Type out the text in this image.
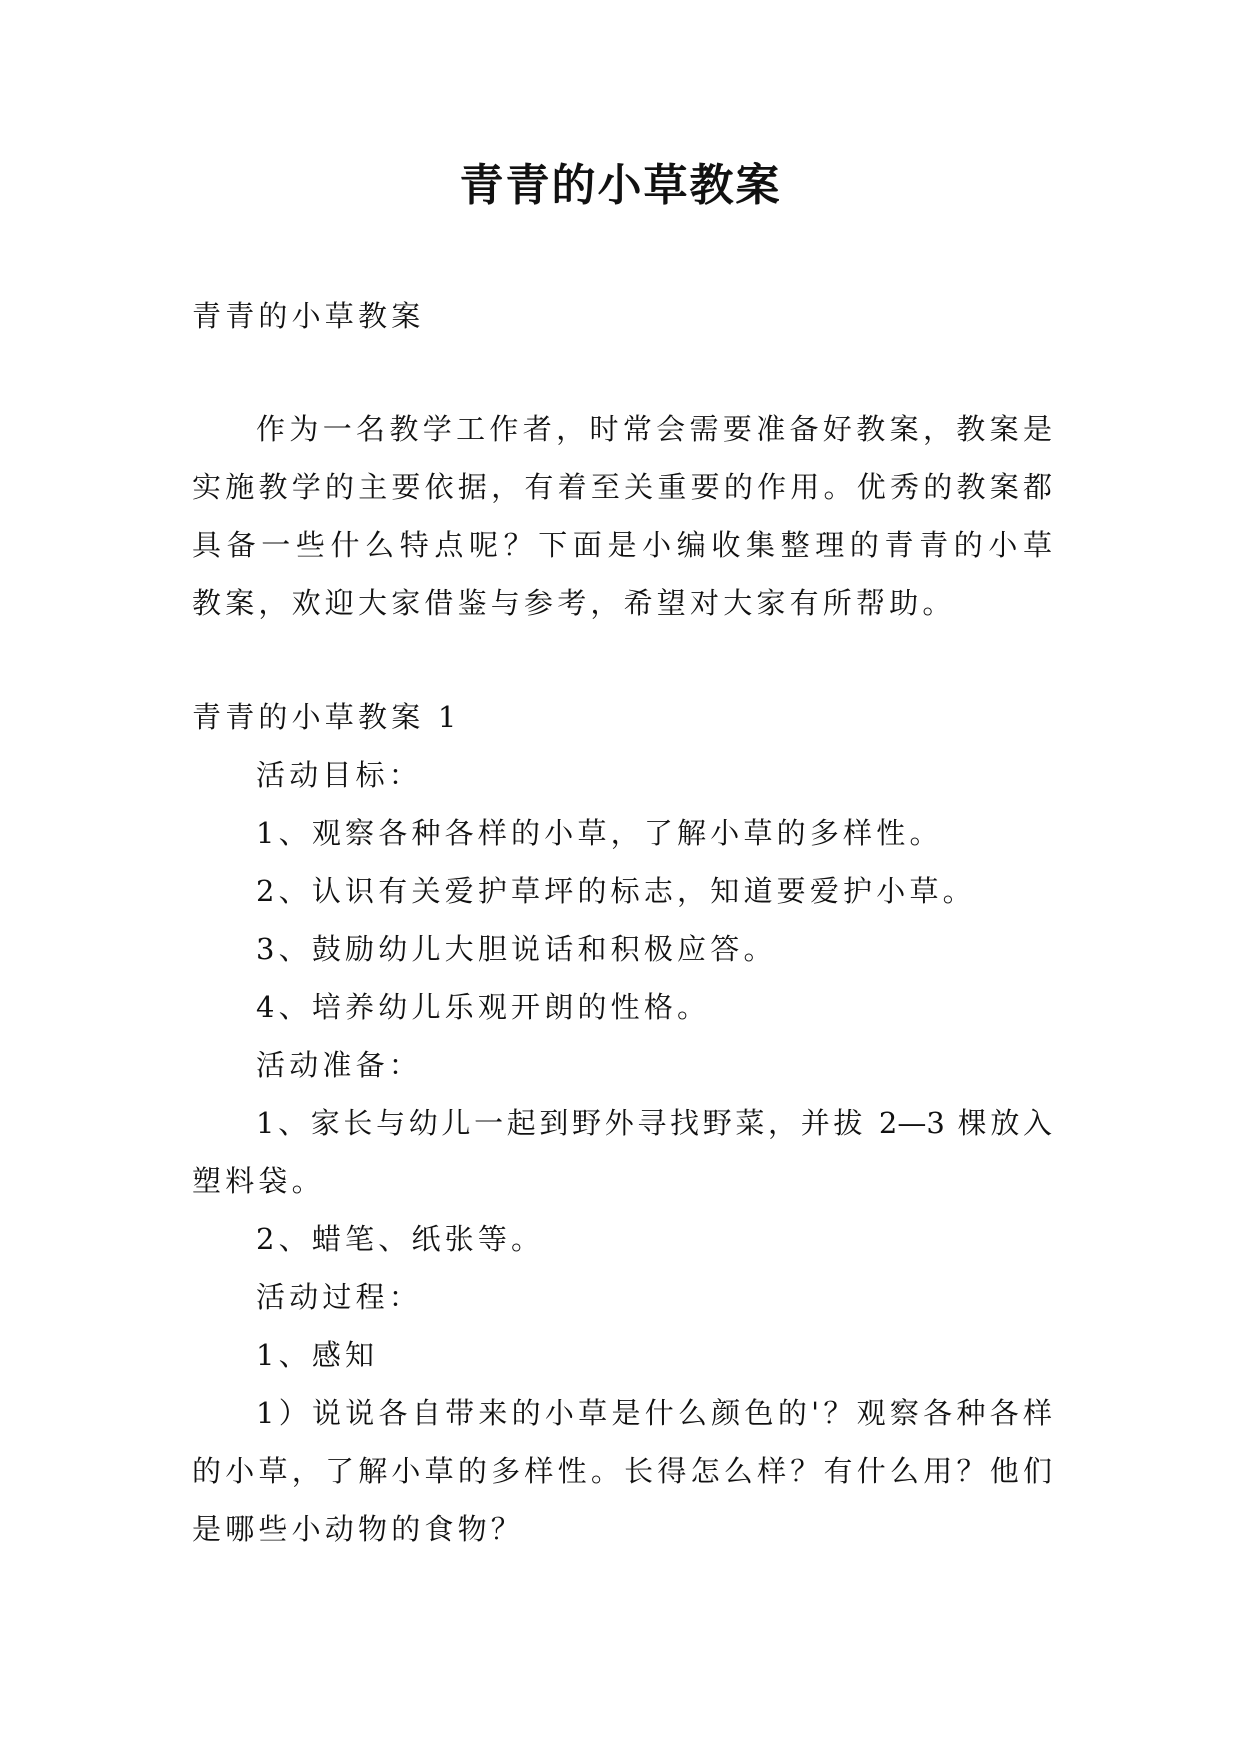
青青的小草教案
青青的小草教案
作为一名教学工作者，时常会需要准备好教案，教案是
实施教学的主要依据，有着至关重要的作用。优秀的教案都
具备一些什么特点呢？下面是小编收集整理的青青的小草
教案，欢迎大家借鉴与参考，希望对大家有所帮助。
青青的小草教案 1
活动目标：
1、观察各种各样的小草，了解小草的多样性。
2、认识有关爱护草坪的标志，知道要爱护小草。
3、鼓励幼儿大胆说话和积极应答。
4、培养幼儿乐观开朗的性格。
活动准备：
1、家长与幼儿一起到野外寻找野菜，并拔 2—3 棵放入
塑料袋。
2、蜡笔、纸张等。
活动过程：
1、感知
1）说说各自带来的小草是什么颜色的'？观察各种各样
的小草，了解小草的多样性。长得怎么样？有什么用？他们
是哪些小动物的食物？
